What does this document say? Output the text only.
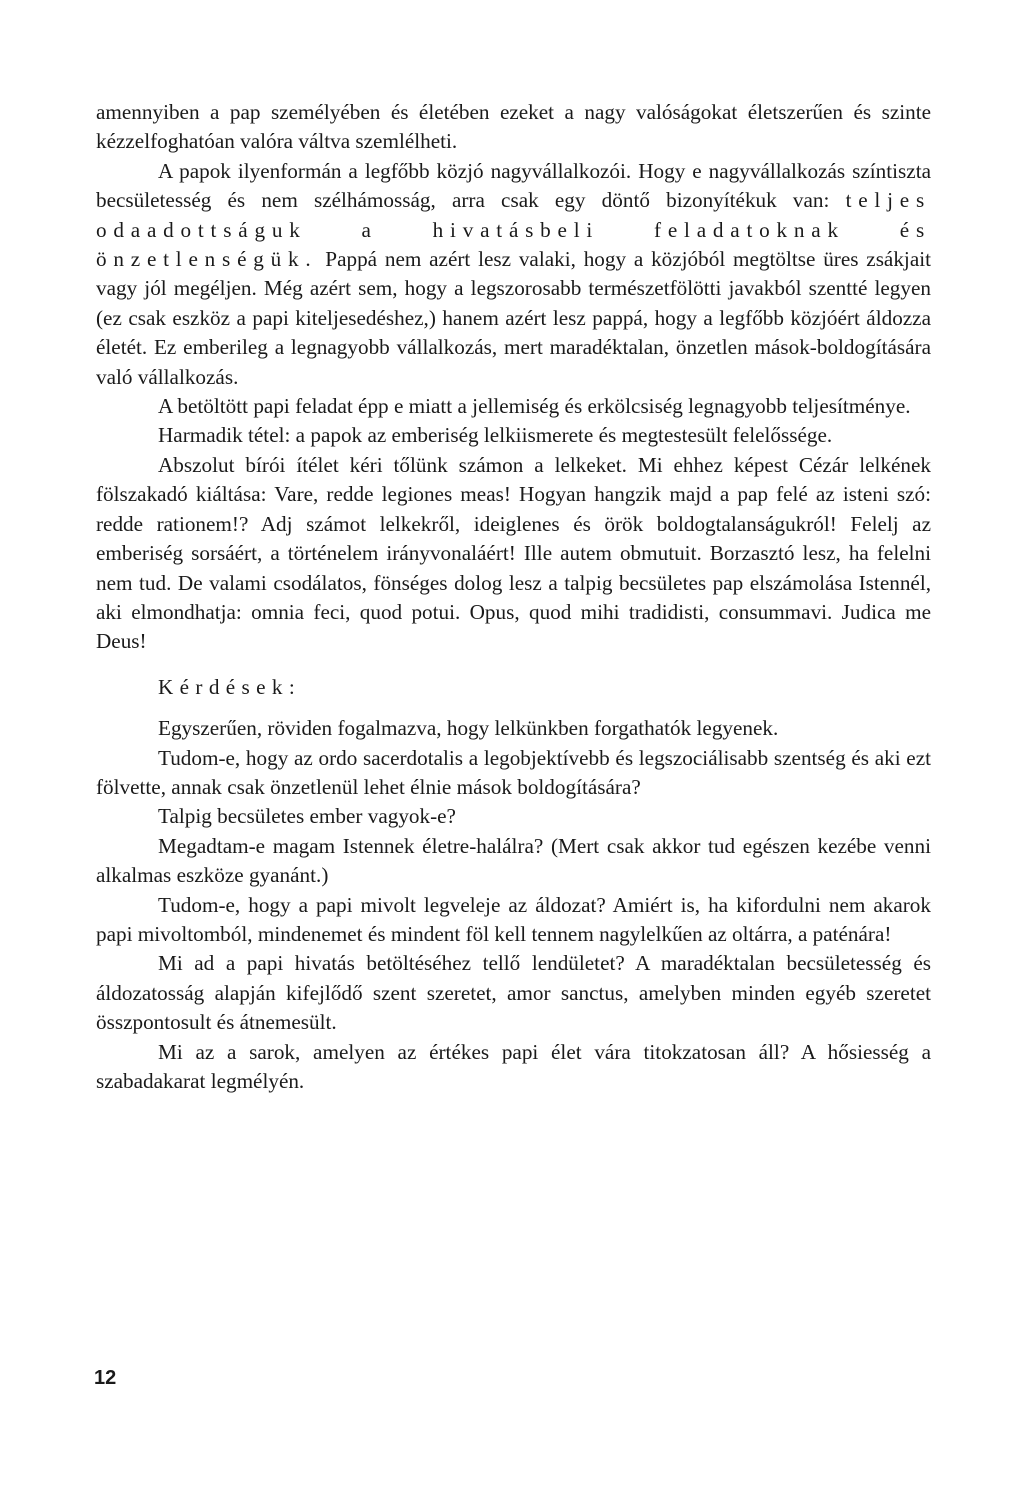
amennyiben a pap személyében és életében ezeket a nagy valóságokat életszerűen és szinte kézzelfoghatóan valóra váltva szemlélheti.

A papok ilyenformán a legfőbb közjó nagyvállalkozói. Hogy e nagyvállalkozás színtiszta becsületesség és nem szélhámosság, arra csak egy döntő bizonyítékuk van: teljes odaadottságuk a hivatásbeli feladatoknak és önzetlenségük. Pappá nem azért lesz valaki, hogy a közjóból megtöltse üres zsákjait vagy jól megéljen. Még azért sem, hogy a legszorosabb természetfölötti javakból szentté legyen (ez csak eszköz a papi kiteljesedéshez,) hanem azért lesz pappá, hogy a legfőbb közjóért áldozza életét. Ez emberileg a legnagyobb vállalkozás, mert maradéktalan, önzetlen mások-boldogítására való vállalkozás.

A betöltött papi feladat épp e miatt a jellemiség és erkölcsiség legnagyobb teljesítménye.

Harmadik tétel: a papok az emberiség lelkiismerete és megtestesült felelőssége.

Abszolut bírói ítélet kéri tőlünk számon a lelkeket. Mi ehhez képest Cézár lelkének fölszakadó kiáltása: Vare, redde legiones meas! Hogyan hangzik majd a pap felé az isteni szó: redde rationem!? Adj számot lelkekről, ideiglenes és örök boldogtalanságukról! Felelj az emberiség sorsáért, a történelem irányvonaláért! Ille autem obmutuit. Borzasztó lesz, ha felelni nem tud. De valami csodálatos, fönséges dolog lesz a talpig becsületes pap elszámolása Istennél, aki elmondhatja: omnia feci, quod potui. Opus, quod mihi tradidisti, consummavi. Judica me Deus!

Kérdések:

Egyszerűen, röviden fogalmazva, hogy lelkünkben forgathatók legyenek.

Tudom-e, hogy az ordo sacerdotalis a legobjektívebb és legszociálisabb szentség és aki ezt fölvette, annak csak önzetlenül lehet élnie mások boldogítására?

Talpig becsületes ember vagyok-e?

Megadtam-e magam Istennek életre-halálra? (Mert csak akkor tud egészen kezébe venni alkalmas eszköze gyanánt.)

Tudom-e, hogy a papi mivolt legveleje az áldozat? Amiért is, ha kifordulni nem akarok papi mivoltomból, mindenemet és mindent föl kell tennem nagylelkűen az oltárra, a paténára!

Mi ad a papi hivatás betöltéséhez tellő lendületet? A maradéktalan becsületesség és áldozatosság alapján kifejlődő szent szeretet, amor sanctus, amelyben minden egyéb szeretet összpontosult és átnemesült.

Mi az a sarok, amelyen az értékes papi élet vára titokzatosan áll? A hősiesség a szabadakarat legmélyén.

12
